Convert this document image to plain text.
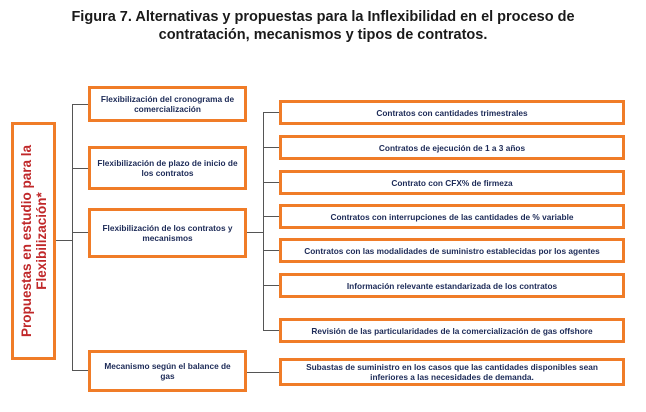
Figura 7. Alternativas y propuestas para la Inflexibilidad en el proceso de
contratación, mecanismos y tipos de contratos.
Propuestas en estudio para la Flexibilización*
Flexibilización del cronograma de comercialización
Flexibilización de plazo de inicio de los contratos
Flexibilización de los contratos y mecanismos
Mecanismo según el balance de gas
Contratos con cantidades trimestrales
Contratos de ejecución de 1 a 3 años
Contrato con CFX% de firmeza
Contratos con interrupciones de las cantidades de % variable
Contratos con las modalidades de suministro establecidas por los agentes
Información relevante estandarizada de los contratos
Revisión de las particularidades de la comercialización de gas offshore
Subastas de suministro en los casos que las cantidades disponibles sean inferiores a las necesidades de demanda.
